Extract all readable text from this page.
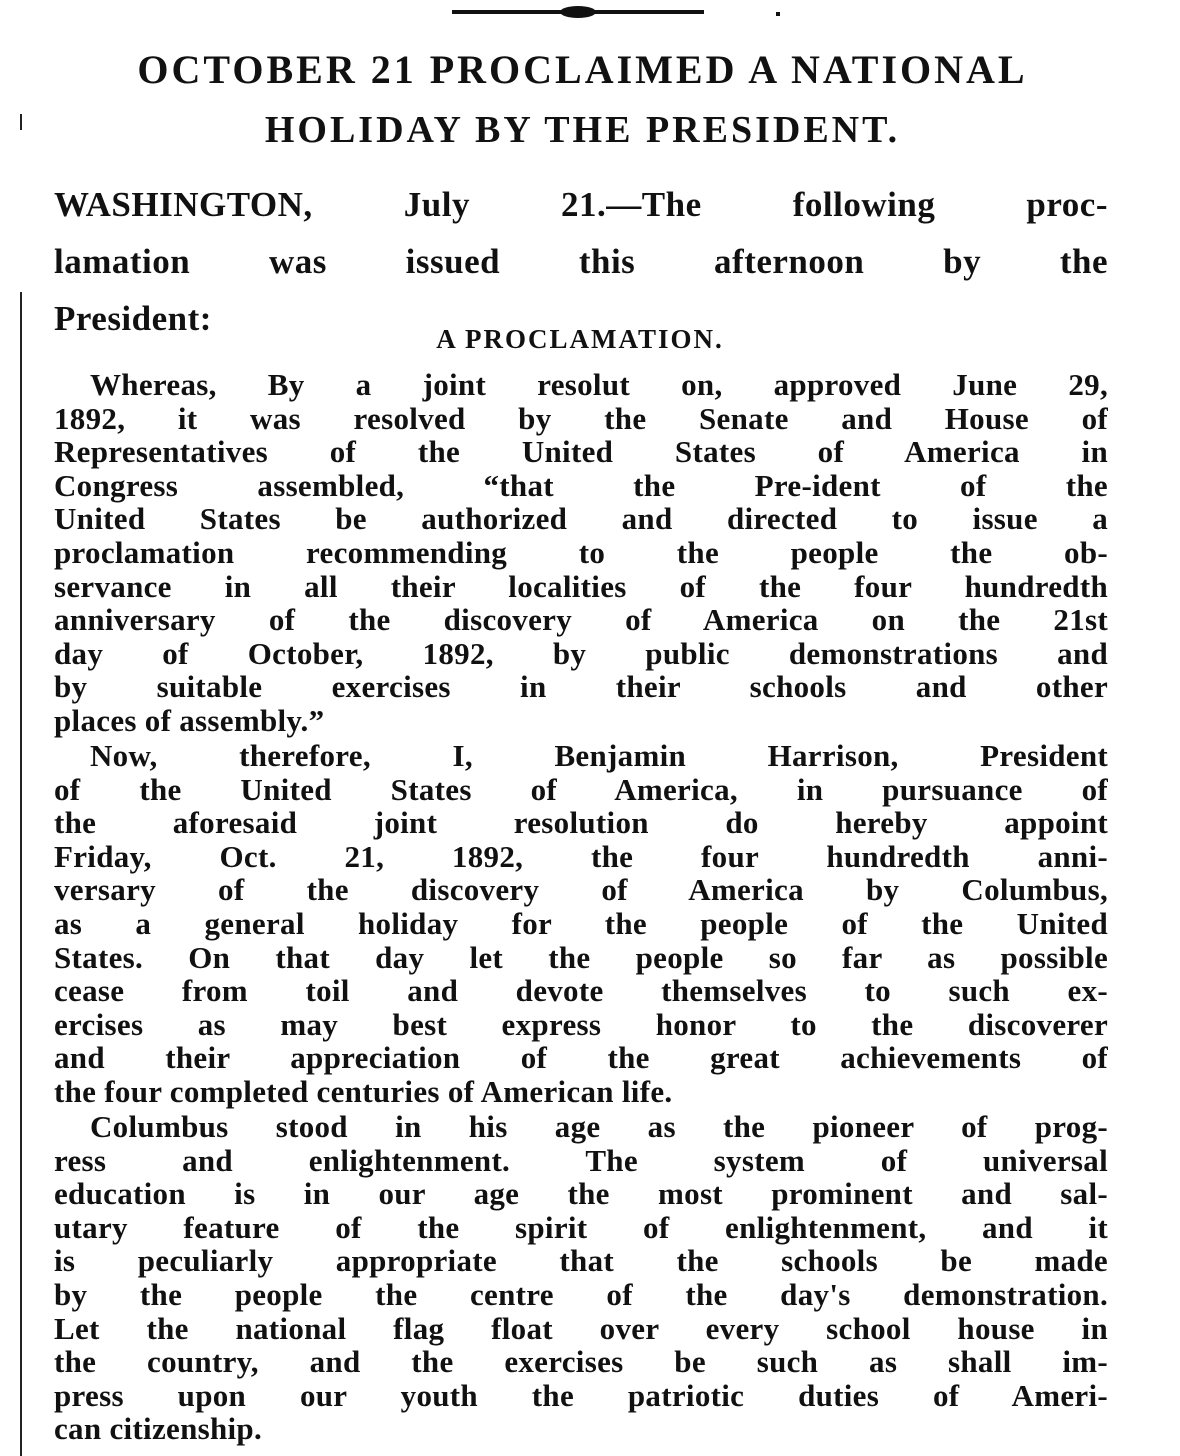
OCTOBER 21 PROCLAIMED A NATIONAL
HOLIDAY BY THE PRESIDENT.
WASHINGTON, July 21.—The following proc-
lamation was issued this afternoon by the
President:
A PROCLAMATION.
Whereas, By a joint resolut on, approved June 29,
1892, it was resolved by the Senate and House of
Representatives of the United States of America in
Congress assembled, “that the Pre-ident of the
United States be authorized and directed to issue a
proclamation recommending to the people the ob-
servance in all their localities of the four hundredth
anniversary of the discovery of America on the 21st
day of October, 1892, by public demonstrations and
by suitable exercises in their schools and other
places of assembly.”
Now, therefore, I, Benjamin Harrison, President
of the United States of America, in pursuance of
the aforesaid joint resolution do hereby appoint
Friday, Oct. 21, 1892, the four hundredth anni-
versary of the discovery of America by Columbus,
as a general holiday for the people of the United
States. On that day let the people so far as possible
cease from toil and devote themselves to such ex-
ercises as may best express honor to the discoverer
and their appreciation of the great achievements of
the four completed centuries of American life.
Columbus stood in his age as the pioneer of prog-
ress and enlightenment. The system of universal
education is in our age the most prominent and sal-
utary feature of the spirit of enlightenment, and it
is peculiarly appropriate that the schools be made
by the people the centre of the day's demonstration.
Let the national flag float over every school house in
the country, and the exercises be such as shall im-
press upon our youth the patriotic duties of Ameri-
can citizenship.
